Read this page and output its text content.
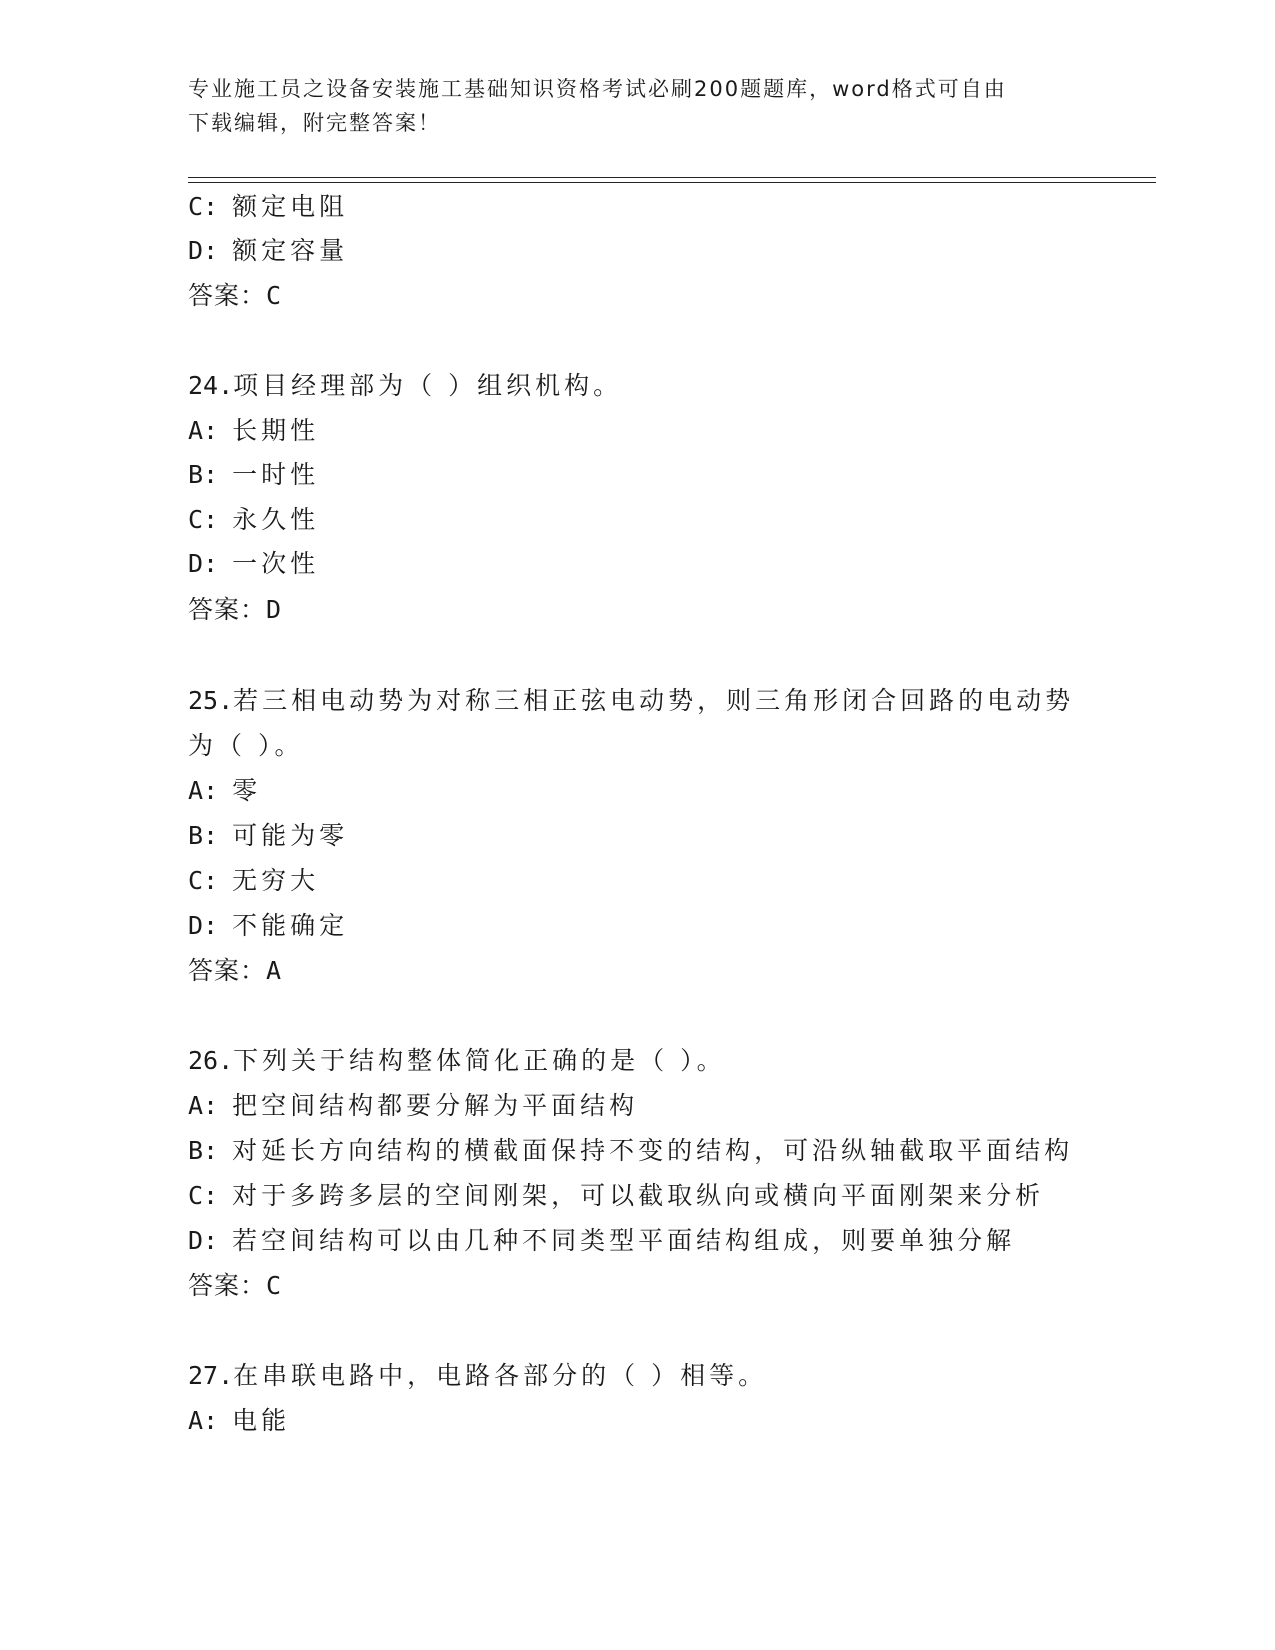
专业施工员之设备安装施工基础知识资格考试必刷200题题库，word格式可自由
下载编辑，附完整答案！
C: 额定电阻
D: 额定容量
答案：C
24.项目经理部为（ ）组织机构。
A: 长期性
B: 一时性
C: 永久性
D: 一次性
答案：D
25.若三相电动势为对称三相正弦电动势，则三角形闭合回路的电动势
为（ ）。
A: 零
B: 可能为零
C: 无穷大
D: 不能确定
答案：A
26.下列关于结构整体简化正确的是（ ）。
A: 把空间结构都要分解为平面结构
B: 对延长方向结构的横截面保持不变的结构，可沿纵轴截取平面结构
C: 对于多跨多层的空间刚架，可以截取纵向或横向平面刚架来分析
D: 若空间结构可以由几种不同类型平面结构组成，则要单独分解
答案：C
27.在串联电路中，电路各部分的（ ）相等。
A: 电能
